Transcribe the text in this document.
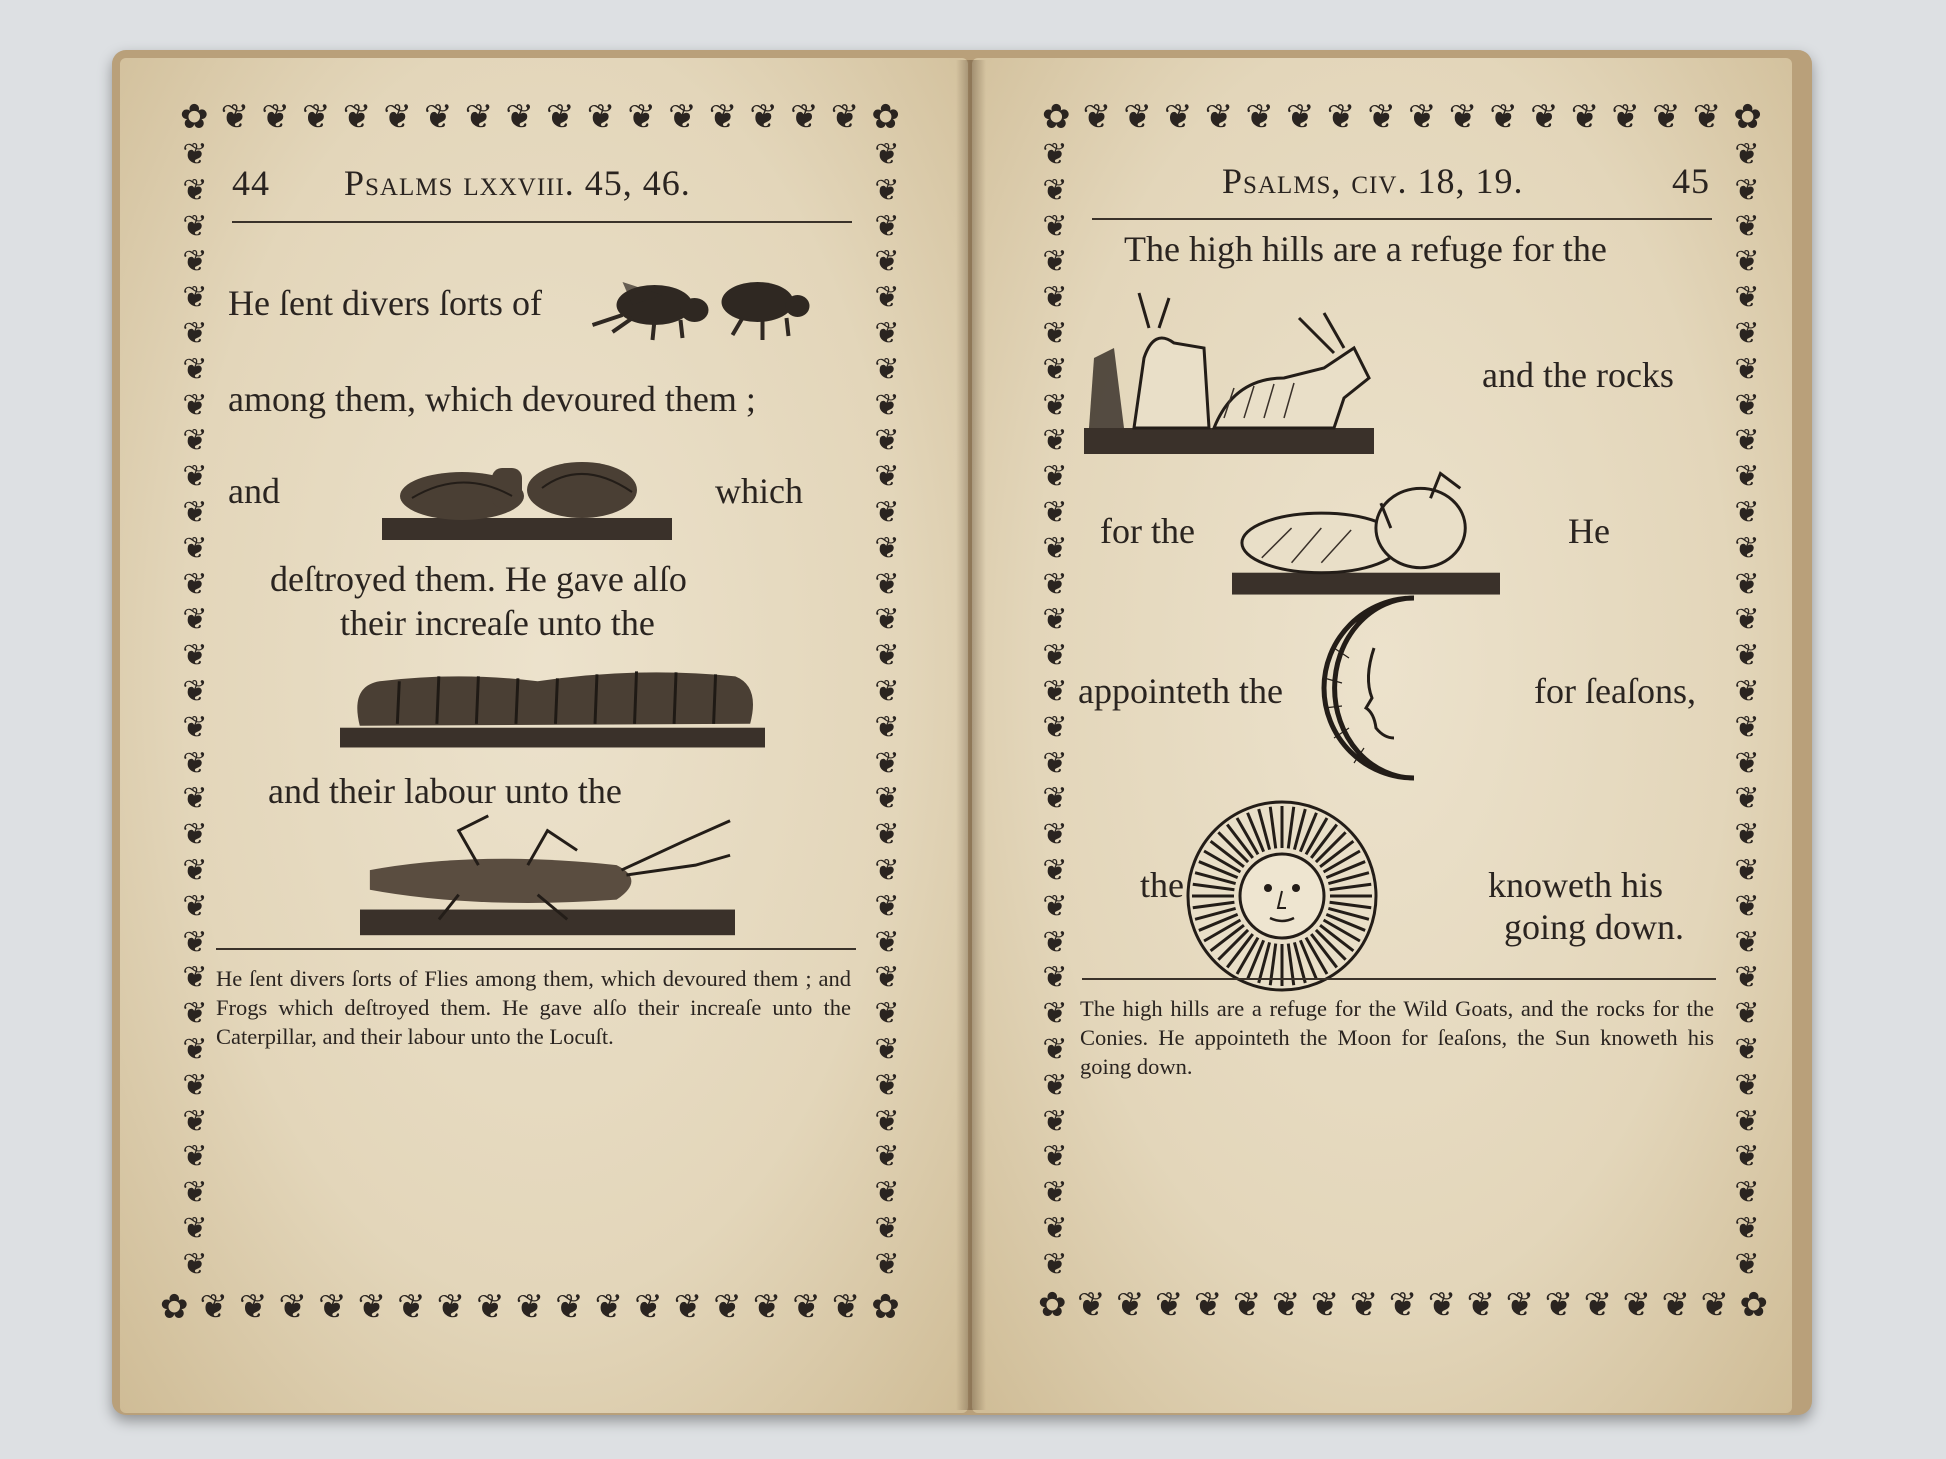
✿ ❦ ❦ ❦ ❦ ❦ ❦ ❦ ❦ ❦ ❦ ❦ ❦ ❦ ❦ ❦ ❦ ✿
✿ ❦ ❦ ❦ ❦ ❦ ❦ ❦ ❦ ❦ ❦ ❦ ❦ ❦ ❦ ❦ ❦ ❦ ✿
❦
❦
❦
❦
❦
❦
❦
❦
❦
❦
❦
❦
❦
❦
❦
❦
❦
❦
❦
❦
❦
❦
❦
❦
❦
❦
❦
❦
❦
❦
❦
❦
❦
❦
❦
❦
❦
❦
❦
❦
❦
❦
❦
❦
❦
❦
❦
❦
❦
❦
❦
❦
❦
❦
❦
❦
❦
❦
❦
❦
❦
❦
❦
❦
44 Psalms lxxviii. 45, 46.
He ſent divers ſorts of
among them, which devoured them ;
and	which
deſtroyed them. He gave alſo
their increaſe unto the
and their labour unto the
He ſent divers ſorts of Flies among them, which devoured them ; and Frogs which deſtroyed them. He gave alſo their increaſe unto the Caterpillar, and their labour unto the Locuſt.
✿ ❦ ❦ ❦ ❦ ❦ ❦ ❦ ❦ ❦ ❦ ❦ ❦ ❦ ❦ ❦ ❦ ✿
✿ ❦ ❦ ❦ ❦ ❦ ❦ ❦ ❦ ❦ ❦ ❦ ❦ ❦ ❦ ❦ ❦ ❦ ✿
❦
❦
❦
❦
❦
❦
❦
❦
❦
❦
❦
❦
❦
❦
❦
❦
❦
❦
❦
❦
❦
❦
❦
❦
❦
❦
❦
❦
❦
❦
❦
❦
❦
❦
❦
❦
❦
❦
❦
❦
❦
❦
❦
❦
❦
❦
❦
❦
❦
❦
❦
❦
❦
❦
❦
❦
❦
❦
❦
❦
❦
❦
❦
❦
Psalms, civ. 18, 19.	45
The high hills are a refuge for the
and the rocks
for the	He
appointeth the	for ſeaſons,
the	knoweth his
going down.
The high hills are a refuge for the Wild Goats, and the rocks for the Conies. He appointeth the Moon for ſeaſons, the Sun knoweth his going down.
